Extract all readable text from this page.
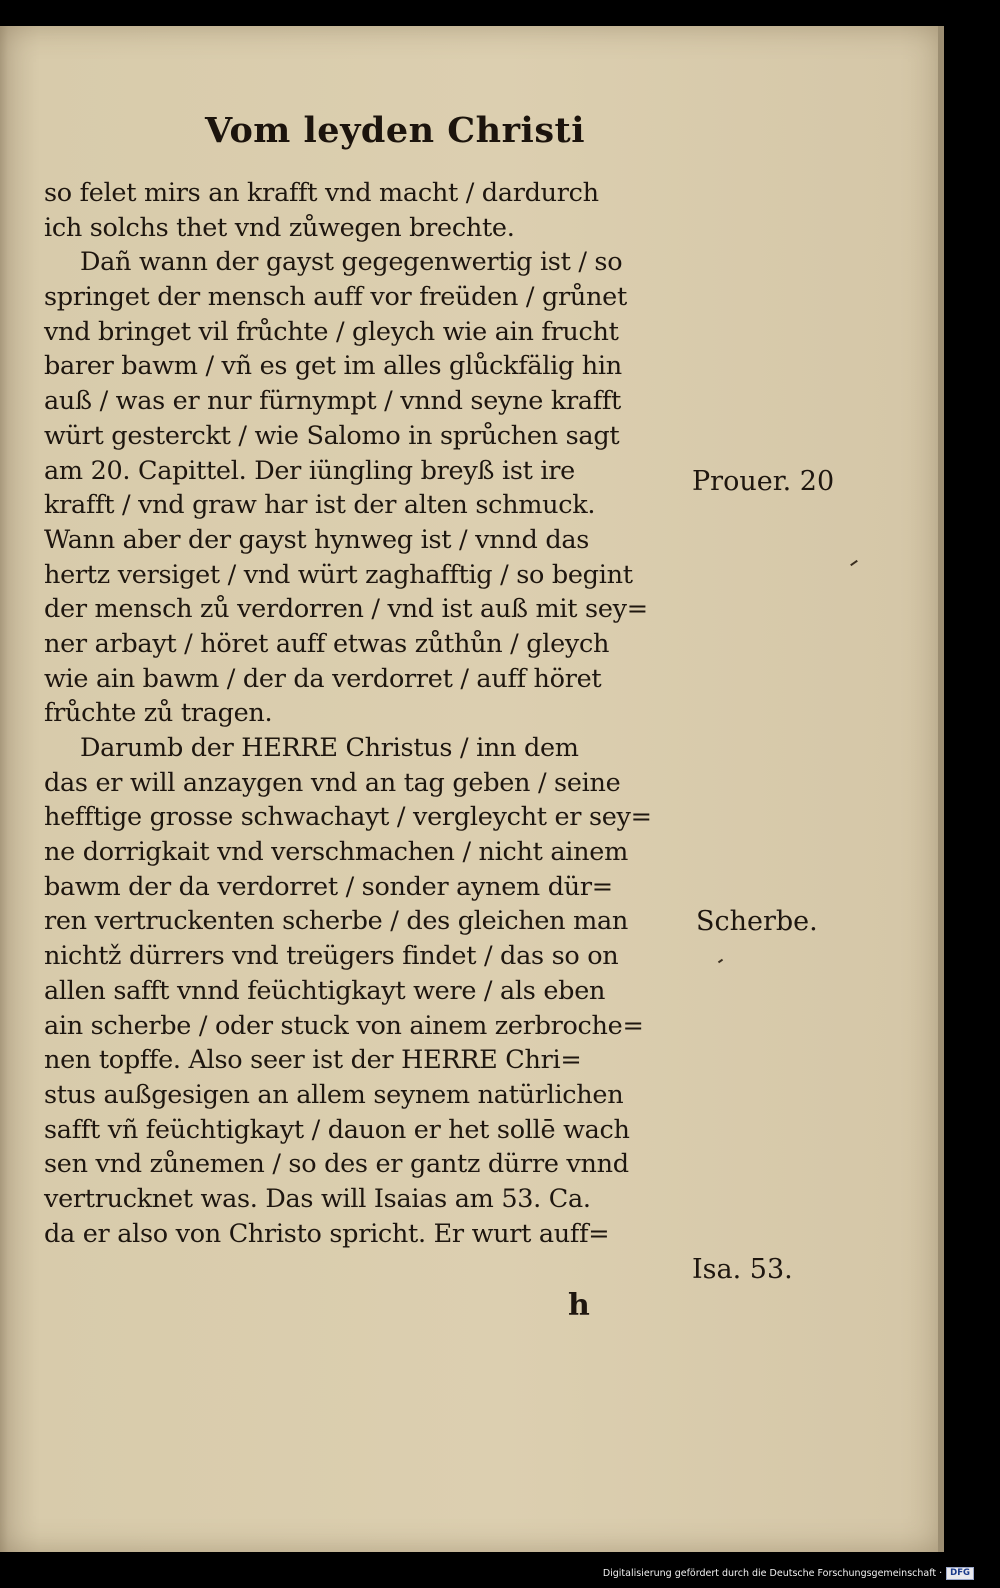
Vom leyden Christi
so felet mirs an krafft vnd macht / dardurch
ich solchs thet vnd zůwegen brechte.
Dañ wann der gayst gegegenwertig ist / so
springet der mensch auff vor freüden / grůnet
vnd bringet vil frůchte / gleych wie ain frucht
barer bawm / vñ es get im alles glůckfälig hin
auß / was er nur fürnympt / vnnd seyne krafft
würt gesterckt / wie Salomo in sprůchen sagt
am 20. Capittel. Der iüngling breyß ist ire
krafft / vnd graw har ist der alten schmuck.
Wann aber der gayst hynweg ist / vnnd das
hertz versiget / vnd würt zaghafftig / so begint
der mensch zů verdorren / vnd ist auß mit sey=
ner arbayt / höret auff etwas zůthůn / gleych
wie ain bawm / der da verdorret / auff höret
frůchte zů tragen.
Darumb der HERRE Christus / inn dem
das er will anzaygen vnd an tag geben / seine
hefftige grosse schwachayt / vergleycht er sey=
ne dorrigkait vnd verschmachen / nicht ainem
bawm der da verdorret / sonder aynem dür=
ren vertruckenten scherbe / des gleichen man
nichtž dürrers vnd treügers findet / das so on
allen safft vnnd feüchtigkayt were / als eben
ain scherbe / oder stuck von ainem zerbroche=
nen topffe. Also seer ist der HERRE Chri=
stus außgesigen an allem seynem natürlichen
safft vñ feüchtigkayt / dauon er het sollē wach
sen vnd zůnemen / so des er gantz dürre vnnd
vertrucknet was. Das will Isaias am 53. Ca.
da er also von Christo spricht. Er wurt auff=
Prouer. 20
Scherbe.
Isa. 53.
h
Digitalisierung gefördert durch die Deutsche Forschungsgemeinschaft · DFG
